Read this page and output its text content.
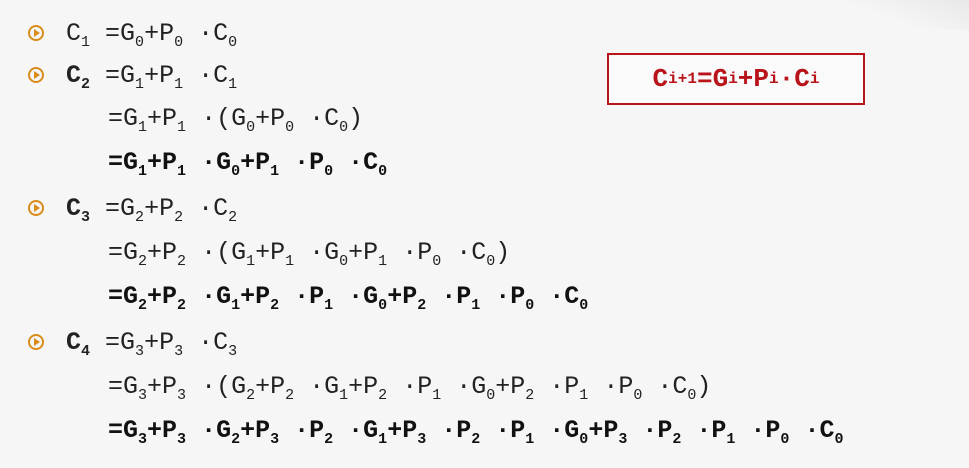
$C_1 =G_0+P_0 \cdot C_0$
$C_2 =G_1+P_1 \cdot C_1$
$=G_1+P_1 \cdot(G_0+P_0 \cdot C_0)$
$=G_1+P_1 \cdot G_0+P_1 \cdot P_0 \cdot C_0$
$C_3 =G_2+P_2 \cdot C_2$
$=G_2+P_2 \cdot(G_1+P_1 \cdot G_0+P_1 \cdot P_0 \cdot C_0)$
$=G_2+P_2 \cdot G_1+P_2 \cdot P_1 \cdot G_0+P_2 \cdot P_1 \cdot P_0 \cdot C_0$
$C_4 =G_3+P_3 \cdot C_3$
$=G_3+P_3 \cdot(G_2+P_2 \cdot G_1+P_2 \cdot P_1 \cdot G_0+P_2 \cdot P_1 \cdot P_0 \cdot C_0)$
$=G_3+P_3 \cdot G_2+P_3 \cdot P_2 \cdot G_1+P_3 \cdot P_2 \cdot P_1 \cdot G_0+P_3 \cdot P_2 \cdot P_1 \cdot P_0 \cdot C_0$
C i+1 =G i +P i ·C i
